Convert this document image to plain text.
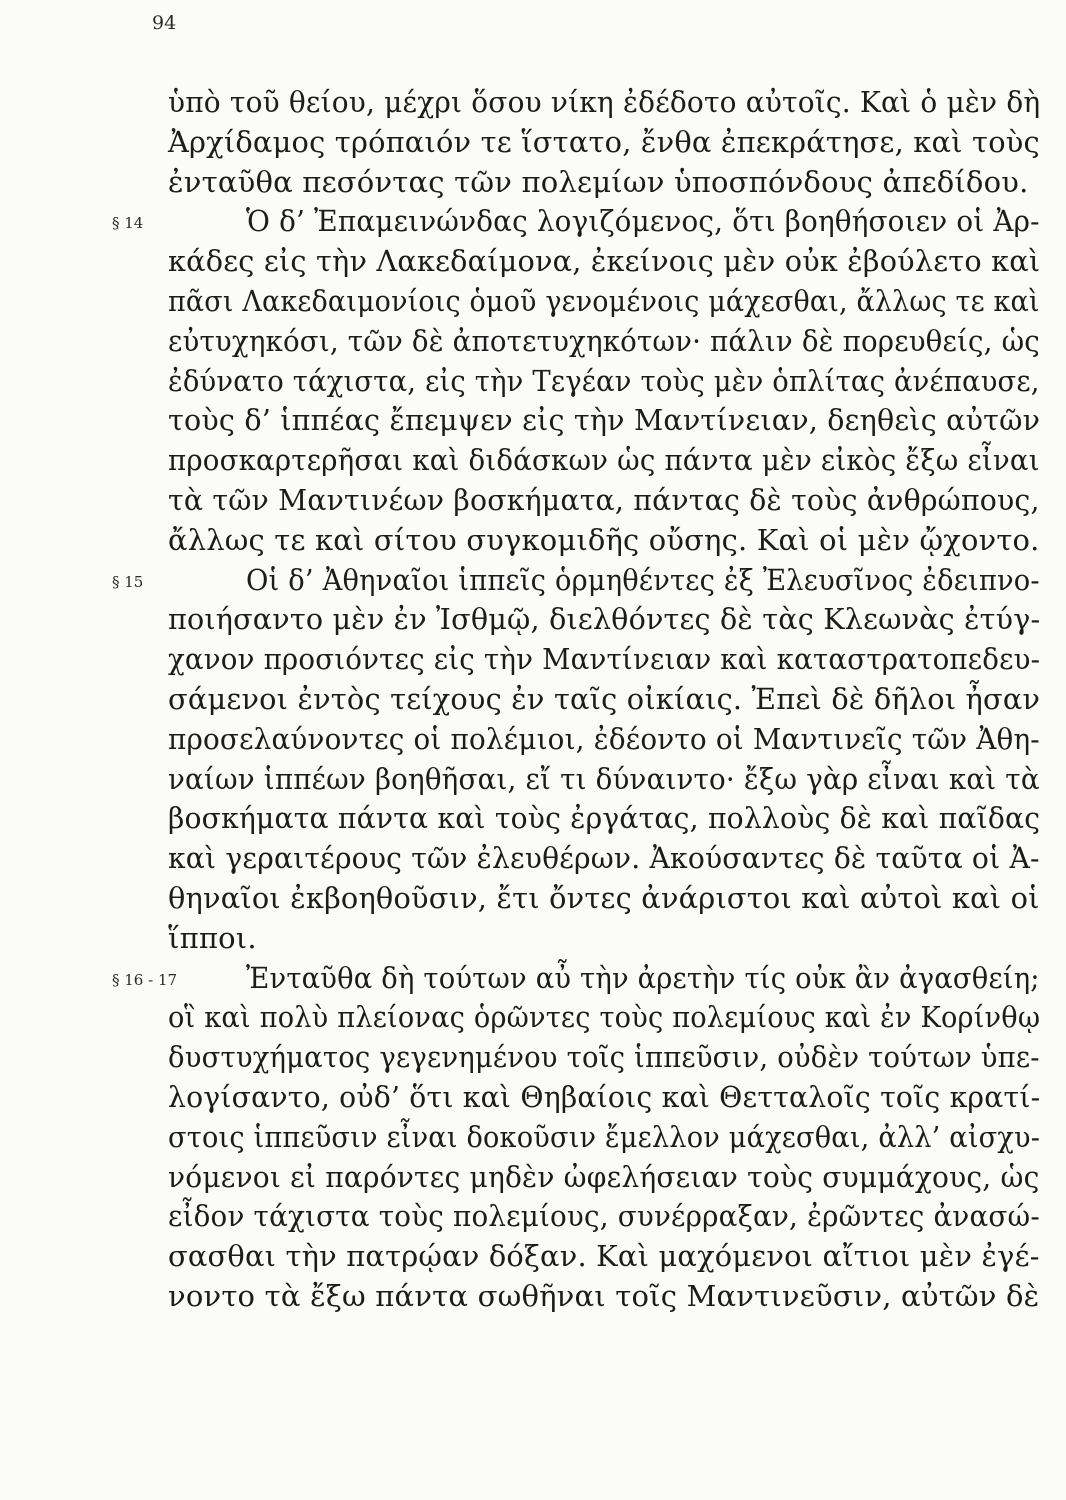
94
ὑπὸ τοῦ θείου, μέχρι ὅσου νίκη ἐδέδοτο αὐτοῖς. Καὶ ὁ μὲν δὴ
Ἀρχίδαμος τρόπαιόν τε ἵστατο, ἔνθα ἐπεκράτησε, καὶ τοὺς
ἐνταῦθα πεσόντας τῶν πολεμίων ὑποσπόνδους ἀπεδίδου.
§ 14	Ὁ δ’ Ἐπαμεινώνδας λογιζόμενος, ὅτι βοηθήσοιεν οἱ Ἀρ-
κάδες εἰς τὴν Λακεδαίμονα, ἐκείνοις μὲν οὐκ ἐβούλετο καὶ
πᾶσι Λακεδαιμονίοις ὁμοῦ γενομένοις μάχεσθαι, ἄλλως τε καὶ
εὐτυχηκόσι, τῶν δὲ ἀποτετυχηκότων· πάλιν δὲ πορευθείς, ὡς
ἐδύνατο τάχιστα, εἰς τὴν Τεγέαν τοὺς μὲν ὁπλίτας ἀνέπαυσε,
τοὺς δ’ ἱππέας ἔπεμψεν εἰς τὴν Μαντίνειαν, δεηθεὶς αὐτῶν
προσκαρτερῆσαι καὶ διδάσκων ὡς πάντα μὲν εἰκὸς ἔξω εἶναι
τὰ τῶν Μαντινέων βοσκήματα, πάντας δὲ τοὺς ἀνθρώπους,
ἄλλως τε καὶ σίτου συγκομιδῆς οὔσης. Καὶ οἱ μὲν ᾤχοντο.
§ 15	Οἱ δ’ Ἀθηναῖοι ἱππεῖς ὁρμηθέντες ἐξ Ἐλευσῖνος ἐδειπνο-
ποιήσαντο μὲν ἐν Ἰσθμῷ, διελθόντες δὲ τὰς Κλεωνὰς ἐτύγ-
χανον προσιόντες εἰς τὴν Μαντίνειαν καὶ καταστρατοπεδευ-
σάμενοι ἐντὸς τείχους ἐν ταῖς οἰκίαις. Ἐπεὶ δὲ δῆλοι ἦσαν
προσελαύνοντες οἱ πολέμιοι, ἐδέοντο οἱ Μαντινεῖς τῶν Ἀθη-
ναίων ἱππέων βοηθῆσαι, εἴ τι δύναιντο· ἔξω γὰρ εἶναι καὶ τὰ
βοσκήματα πάντα καὶ τοὺς ἐργάτας, πολλοὺς δὲ καὶ παῖδας
καὶ γεραιτέρους τῶν ἐλευθέρων. Ἀκούσαντες δὲ ταῦτα οἱ Ἀ-
θηναῖοι ἐκβοηθοῦσιν, ἔτι ὄντες ἀνάριστοι καὶ αὐτοὶ καὶ οἱ
ἵπποι.
§ 16 - 17 Ἐνταῦθα δὴ τούτων αὖ τὴν ἀρετὴν τίς οὐκ ἂν ἀγασθείη;
οἳ καὶ πολὺ πλείονας ὁρῶντες τοὺς πολεμίους καὶ ἐν Κορίνθῳ
δυστυχήματος γεγενημένου τοῖς ἱππεῦσιν, οὐδὲν τούτων ὑπε-
λογίσαντο, οὐδ’ ὅτι καὶ Θηβαίοις καὶ Θετταλοῖς τοῖς κρατί-
στοις ἱππεῦσιν εἶναι δοκοῦσιν ἔμελλον μάχεσθαι, ἀλλ’ αἰσχυ-
νόμενοι εἰ παρόντες μηδὲν ὠφελήσειαν τοὺς συμμάχους, ὡς
εἶδον τάχιστα τοὺς πολεμίους, συνέρραξαν, ἐρῶντες ἀνασώ-
σασθαι τὴν πατρῴαν δόξαν. Καὶ μαχόμενοι αἴτιοι μὲν ἐγέ-
νοντο τὰ ἔξω πάντα σωθῆναι τοῖς Μαντινεῦσιν, αὐτῶν δὲ
